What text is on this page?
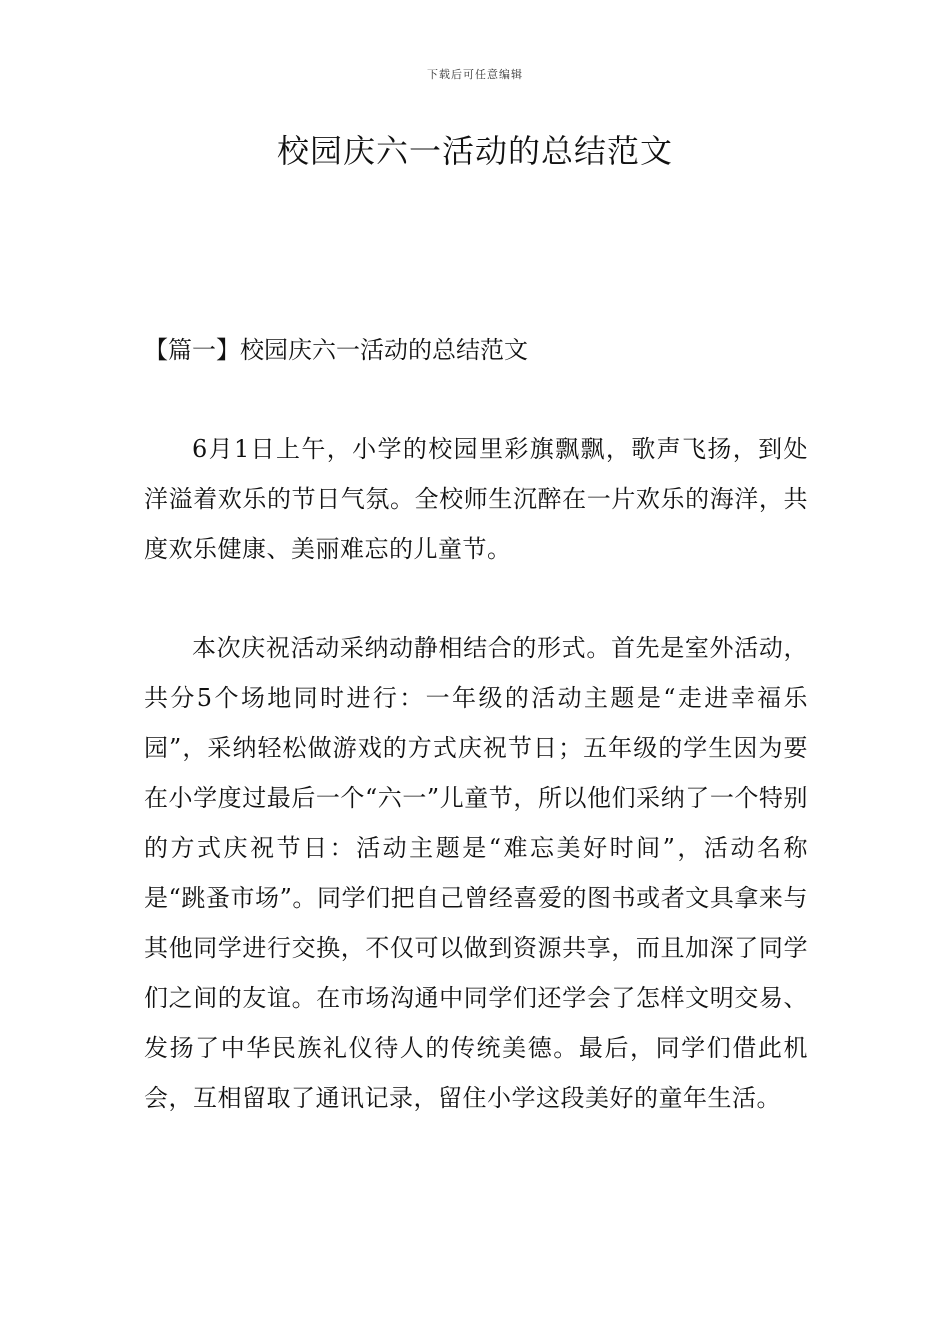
下载后可任意编辑
校园庆六一活动的总结范文

【篇一】校园庆六一活动的总结范文

6月1日上午，小学的校园里彩旗飘飘，歌声飞扬，到处洋溢着欢乐的节日气氛。全校师生沉醉在一片欢乐的海洋，共度欢乐健康、美丽难忘的儿童节。

本次庆祝活动采纳动静相结合的形式。首先是室外活动，共分5个场地同时进行：一年级的活动主题是“走进幸福乐园”，采纳轻松做游戏的方式庆祝节日；五年级的学生因为要在小学度过最后一个“六一”儿童节，所以他们采纳了一个特别的方式庆祝节日：活动主题是“难忘美好时间”，活动名称是“跳蚤市场”。同学们把自己曾经喜爱的图书或者文具拿来与其他同学进行交换，不仅可以做到资源共享，而且加深了同学们之间的友谊。在市场沟通中同学们还学会了怎样文明交易、发扬了中华民族礼仪待人的传统美德。最后，同学们借此机会，互相留取了通讯记录，留住小学这段美好的童年生活。
